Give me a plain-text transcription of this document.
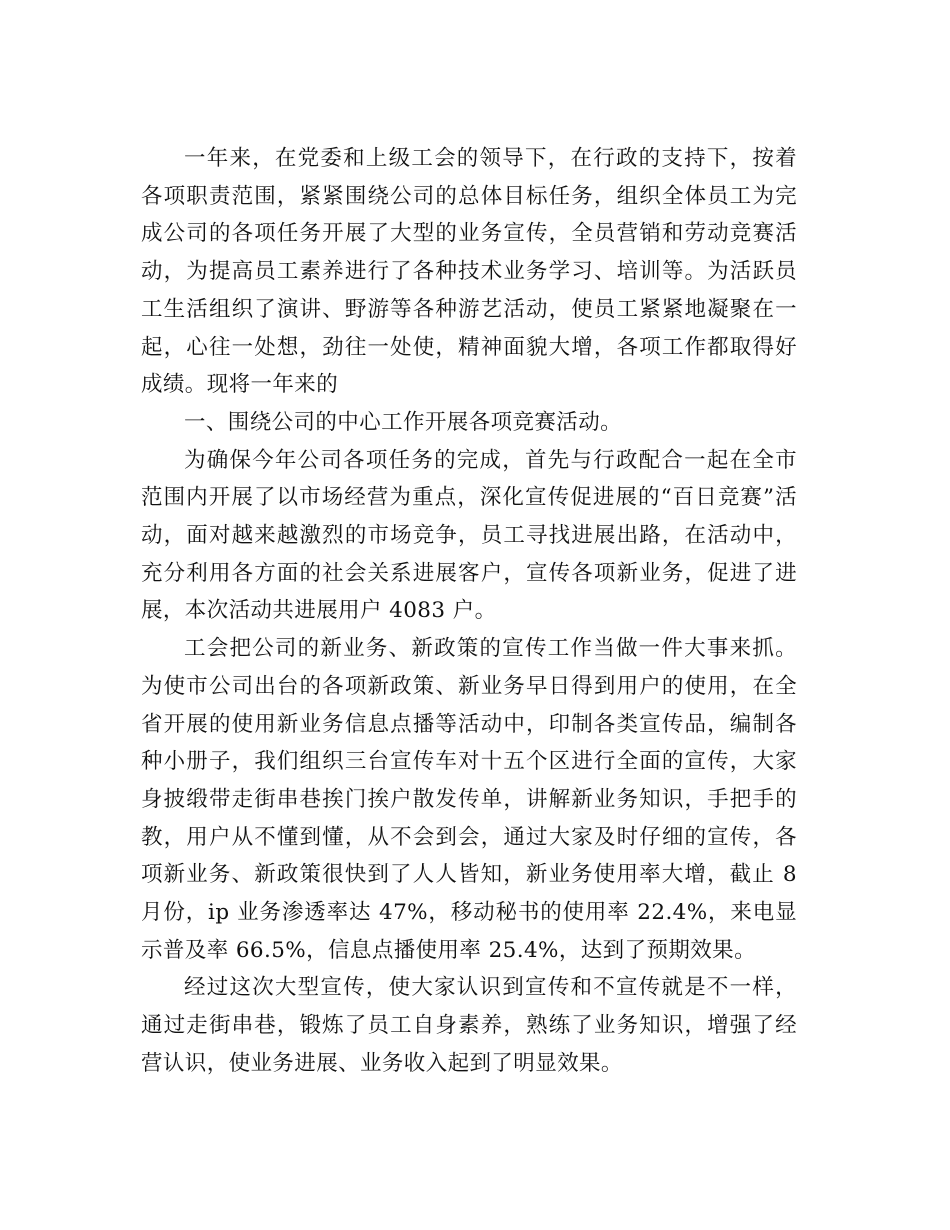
一年来，在党委和上级工会的领导下，在行政的支持下，按着各项职责范围，紧紧围绕公司的总体目标任务，组织全体员工为完成公司的各项任务开展了大型的业务宣传，全员营销和劳动竞赛活动，为提高员工素养进行了各种技术业务学习、培训等。为活跃员工生活组织了演讲、野游等各种游艺活动，使员工紧紧地凝聚在一起，心往一处想，劲往一处使，精神面貌大增，各项工作都取得好成绩。现将一年来的

一、围绕公司的中心工作开展各项竞赛活动。

为确保今年公司各项任务的完成，首先与行政配合一起在全市范围内开展了以市场经营为重点，深化宣传促进展的“百日竞赛”活动，面对越来越激烈的市场竞争，员工寻找进展出路，在活动中，充分利用各方面的社会关系进展客户，宣传各项新业务，促进了进展，本次活动共进展用户 4083 户。

工会把公司的新业务、新政策的宣传工作当做一件大事来抓。为使市公司出台的各项新政策、新业务早日得到用户的使用，在全省开展的使用新业务信息点播等活动中，印制各类宣传品，编制各种小册子，我们组织三台宣传车对十五个区进行全面的宣传，大家身披缎带走街串巷挨门挨户散发传单，讲解新业务知识，手把手的教，用户从不懂到懂，从不会到会，通过大家及时仔细的宣传，各项新业务、新政策很快到了人人皆知，新业务使用率大增，截止 8 月份，ip 业务渗透率达 47%，移动秘书的使用率 22.4%，来电显示普及率 66.5%，信息点播使用率 25.4%，达到了预期效果。

经过这次大型宣传，使大家认识到宣传和不宣传就是不一样，通过走街串巷，锻炼了员工自身素养，熟练了业务知识，增强了经营认识，使业务进展、业务收入起到了明显效果。
